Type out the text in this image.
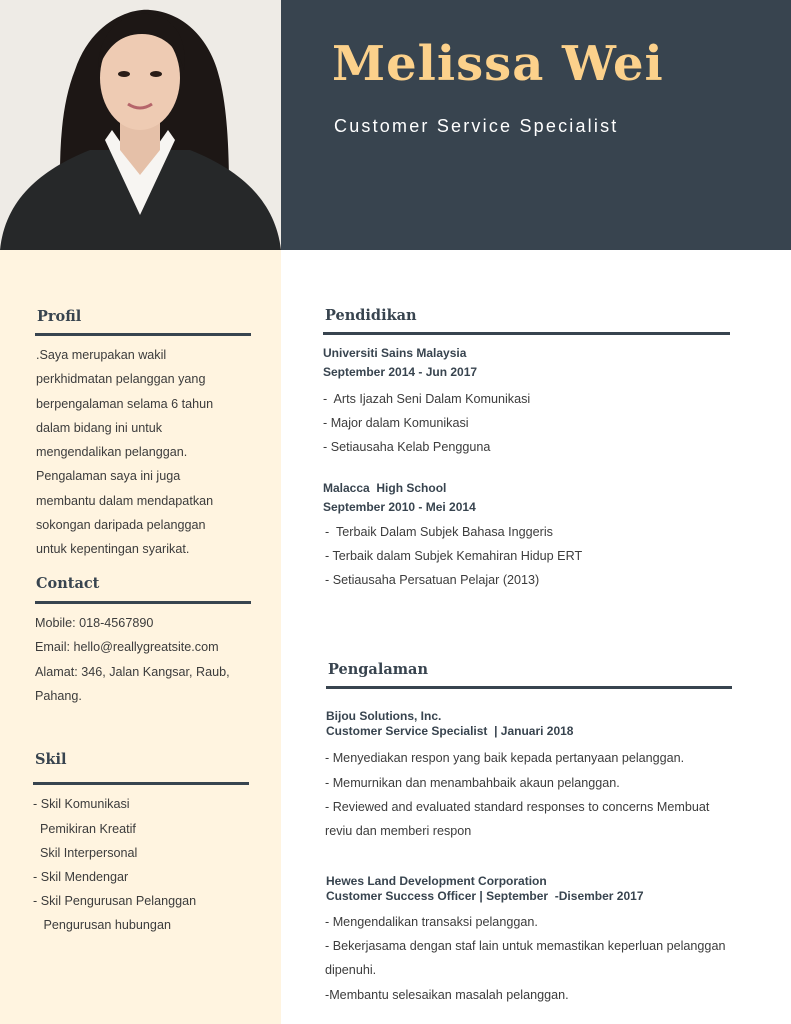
Melissa Wei
Customer Service Specialist
Profil
.Saya merupakan wakil
perkhidmatan pelanggan yang
berpengalaman selama 6 tahun
dalam bidang ini untuk
mengendalikan pelanggan.
Pengalaman saya ini juga
membantu dalam mendapatkan
sokongan daripada pelanggan
untuk kepentingan syarikat.
Contact
Mobile: 018-4567890
Email: hello@reallygreatsite.com
Alamat: 346, Jalan Kangsar, Raub,
Pahang.
Skil
- Skil Komunikasi
Pemikiran Kreatif
Skil Interpersonal
- Skil Mendengar
- Skil Pengurusan Pelanggan
Pengurusan hubungan
Pendidikan
Universiti Sains Malaysia
September 2014 - Jun 2017
-  Arts Ijazah Seni Dalam Komunikasi
- Major dalam Komunikasi
- Setiausaha Kelab Pengguna
Malacca  High School
September 2010 - Mei 2014
-  Terbaik Dalam Subjek Bahasa Inggeris
- Terbaik dalam Subjek Kemahiran Hidup ERT
- Setiausaha Persatuan Pelajar (2013)
Pengalaman
Bijou Solutions, Inc.
Customer Service Specialist  | Januari 2018
- Menyediakan respon yang baik kepada pertanyaan pelanggan.
- Memurnikan dan menambahbaik akaun pelanggan.
- Reviewed and evaluated standard responses to concerns Membuat
reviu dan memberi respon
Hewes Land Development Corporation
Customer Success Officer | September  -Disember 2017
- Mengendalikan transaksi pelanggan.
- Bekerjasama dengan staf lain untuk memastikan keperluan pelanggan
dipenuhi.
-Membantu selesaikan masalah pelanggan.
